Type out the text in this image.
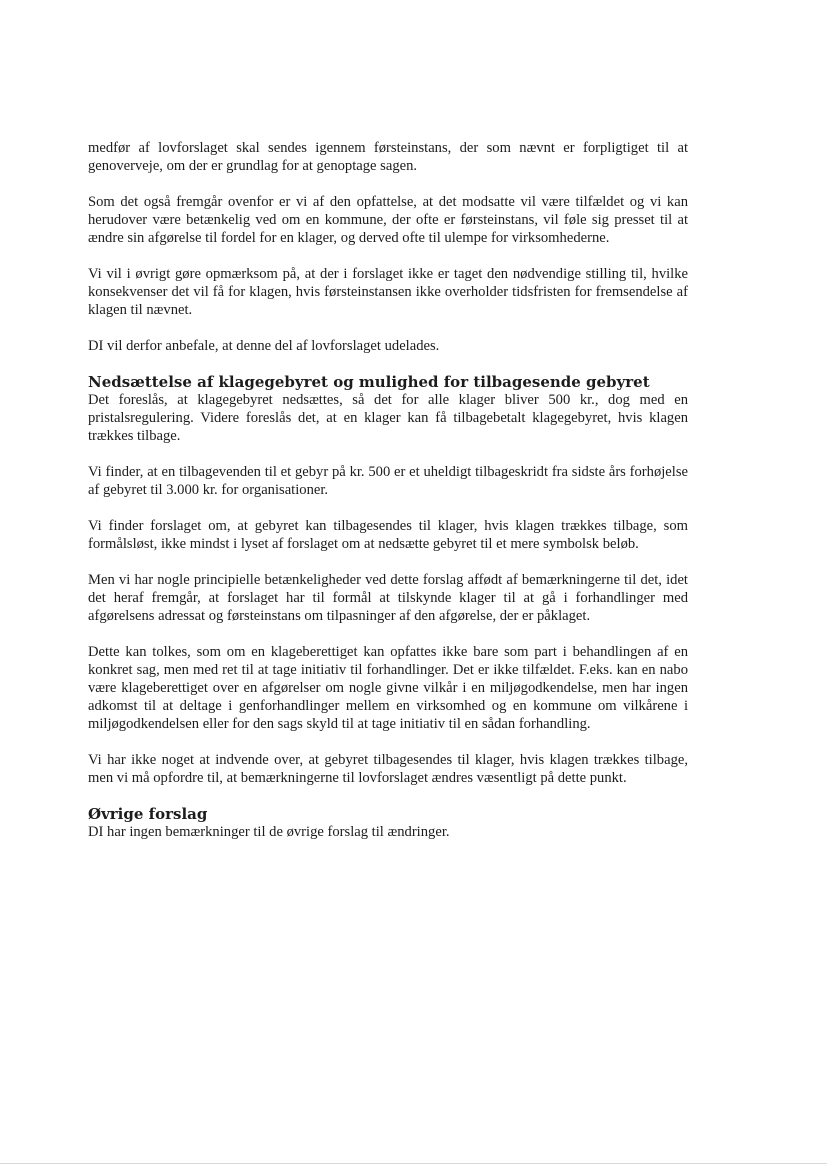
medfør af lovforslaget skal sendes igennem førsteinstans, der som nævnt er forpligtiget til at genoverveje, om der er grundlag for at genoptage sagen.

Som det også fremgår ovenfor er vi af den opfattelse, at det modsatte vil være tilfældet og vi kan herudover være betænkelig ved om en kommune, der ofte er førsteinstans, vil føle sig presset til at ændre sin afgørelse til fordel for en klager, og derved ofte til ulempe for virksomhederne.

Vi vil i øvrigt gøre opmærksom på, at der i forslaget ikke er taget den nødvendige stilling til, hvilke konsekvenser det vil få for klagen, hvis førsteinstansen ikke overholder tidsfristen for fremsendelse af klagen til nævnet.

DI vil derfor anbefale, at denne del af lovforslaget udelades.

Nedsættelse af klagegebyret og mulighed for tilbagesende gebyret

Det foreslås, at klagegebyret nedsættes, så det for alle klager bliver 500 kr., dog med en pristalsregulering. Videre foreslås det, at en klager kan få tilbagebetalt klagegebyret, hvis klagen trækkes tilbage.

Vi finder, at en tilbagevenden til et gebyr på kr. 500 er et uheldigt tilbageskridt fra sidste års forhøjelse af gebyret til 3.000 kr. for organisationer.

Vi finder forslaget om, at gebyret kan tilbagesendes til klager, hvis klagen trækkes tilbage, som formålsløst, ikke mindst i lyset af forslaget om at nedsætte gebyret til et mere symbolsk beløb.

Men vi har nogle principielle betænkeligheder ved dette forslag affødt af bemærkningerne til det, idet det heraf fremgår, at forslaget har til formål at tilskynde klager til at gå i forhandlinger med afgørelsens adressat og førsteinstans om tilpasninger af den afgørelse, der er påklaget.

Dette kan tolkes, som om en klageberettiget kan opfattes ikke bare som part i behandlingen af en konkret sag, men med ret til at tage initiativ til forhandlinger. Det er ikke tilfældet. F.eks. kan en nabo være klageberettiget over en afgørelser om nogle givne vilkår i en miljøgodkendelse, men har ingen adkomst til at deltage i genforhandlinger mellem en virksomhed og en kommune om vilkårene i miljøgodkendelsen eller for den sags skyld til at tage initiativ til en sådan forhandling.

Vi har ikke noget at indvende over, at gebyret tilbagesendes til klager, hvis klagen trækkes tilbage, men vi må opfordre til, at bemærkningerne til lovforslaget ændres væsentligt på dette punkt.

Øvrige forslag

DI har ingen bemærkninger til de øvrige forslag til ændringer.
